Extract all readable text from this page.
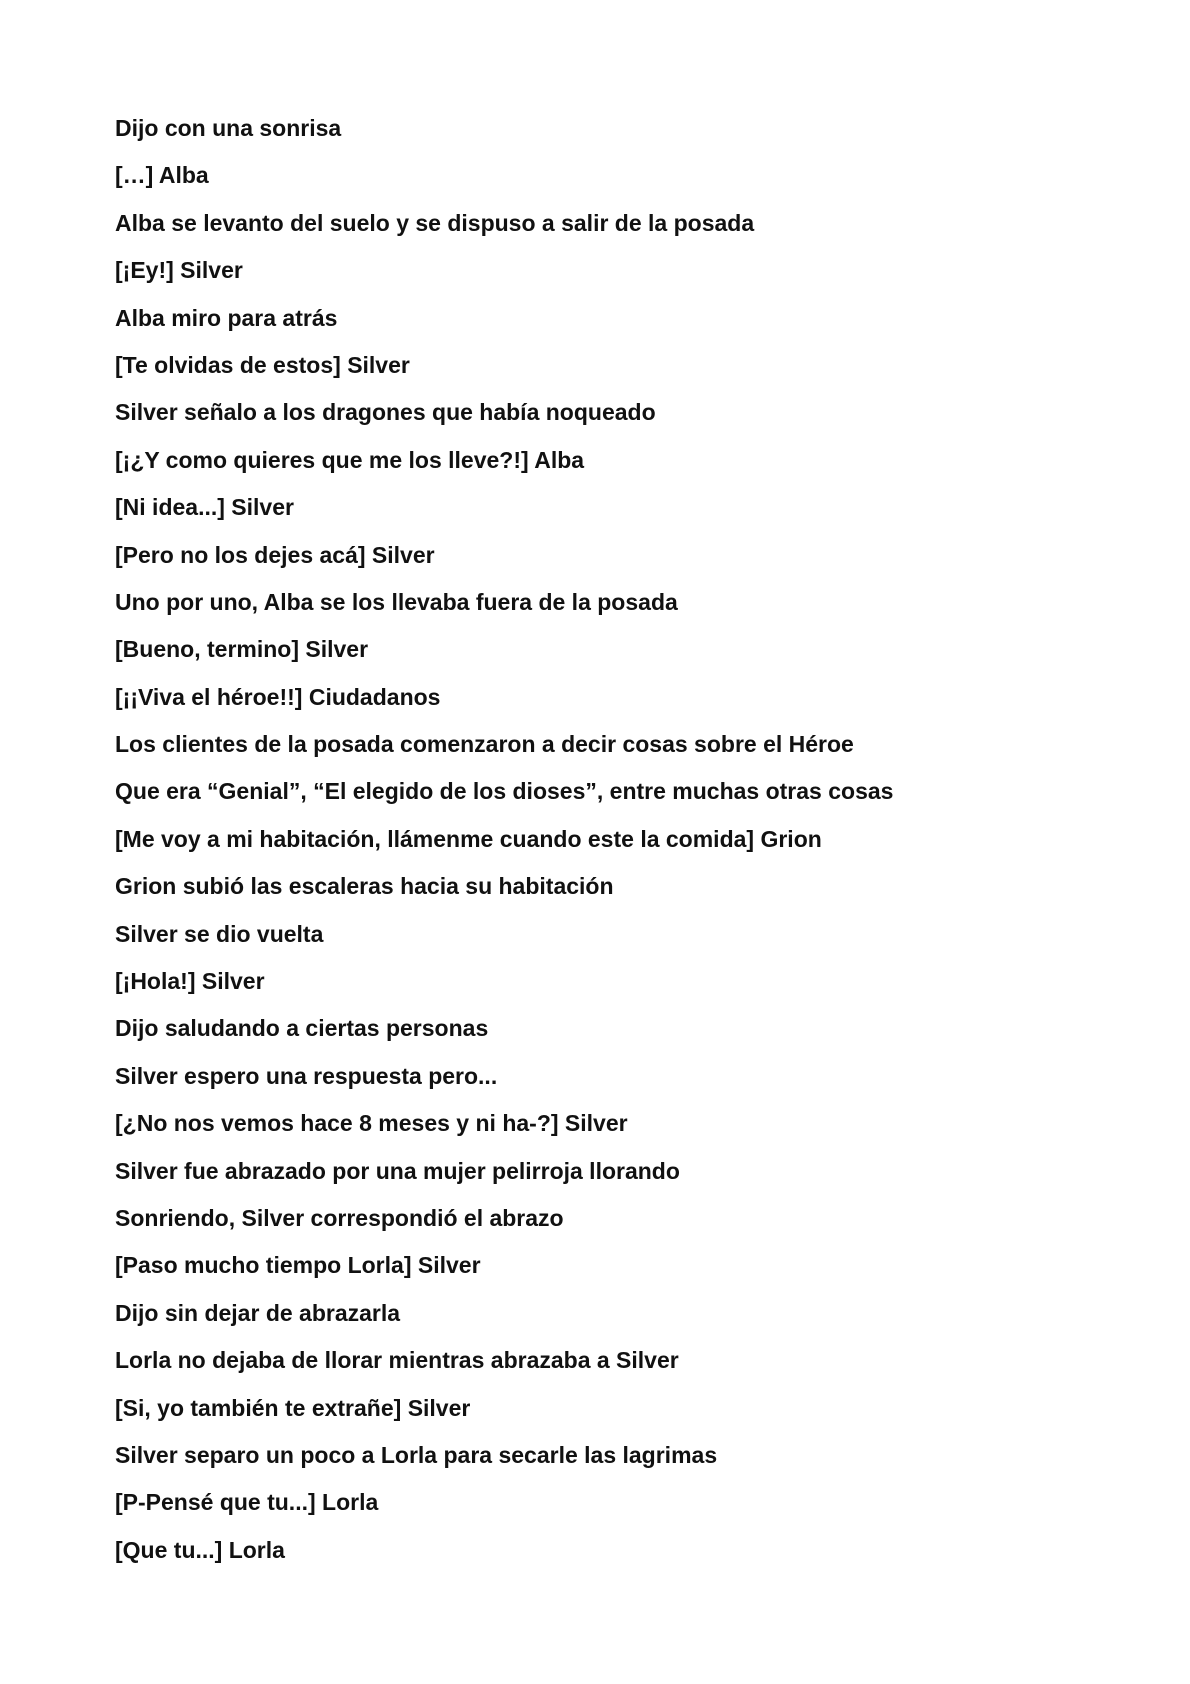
Dijo con una sonrisa
[…] Alba
Alba se levanto del suelo y se dispuso a salir de la posada
[¡Ey!] Silver
Alba miro para atrás
[Te olvidas de estos] Silver
Silver señalo a los dragones que había noqueado
[¡¿Y como quieres que me los lleve?!] Alba
[Ni idea...] Silver
[Pero no los dejes acá] Silver
Uno por uno, Alba se los llevaba fuera de la posada
[Bueno, termino] Silver
[¡¡Viva el héroe!!] Ciudadanos
Los clientes de la posada comenzaron a decir cosas sobre el Héroe
Que era “Genial”, “El elegido de los dioses”, entre muchas otras cosas
[Me voy a mi habitación, llámenme cuando este la comida] Grion
Grion subió las escaleras hacia su habitación
Silver se dio vuelta
[¡Hola!] Silver
Dijo saludando a ciertas personas
Silver espero una respuesta pero...
[¿No nos vemos hace 8 meses y ni ha-?] Silver
Silver fue abrazado por una mujer pelirroja llorando
Sonriendo, Silver correspondió el abrazo
[Paso mucho tiempo Lorla] Silver
Dijo sin dejar de abrazarla
Lorla no dejaba de llorar mientras abrazaba a Silver
[Si, yo también te extrañe] Silver
Silver separo un poco a Lorla para secarle las lagrimas
[P-Pensé que tu...] Lorla
[Que tu...] Lorla
